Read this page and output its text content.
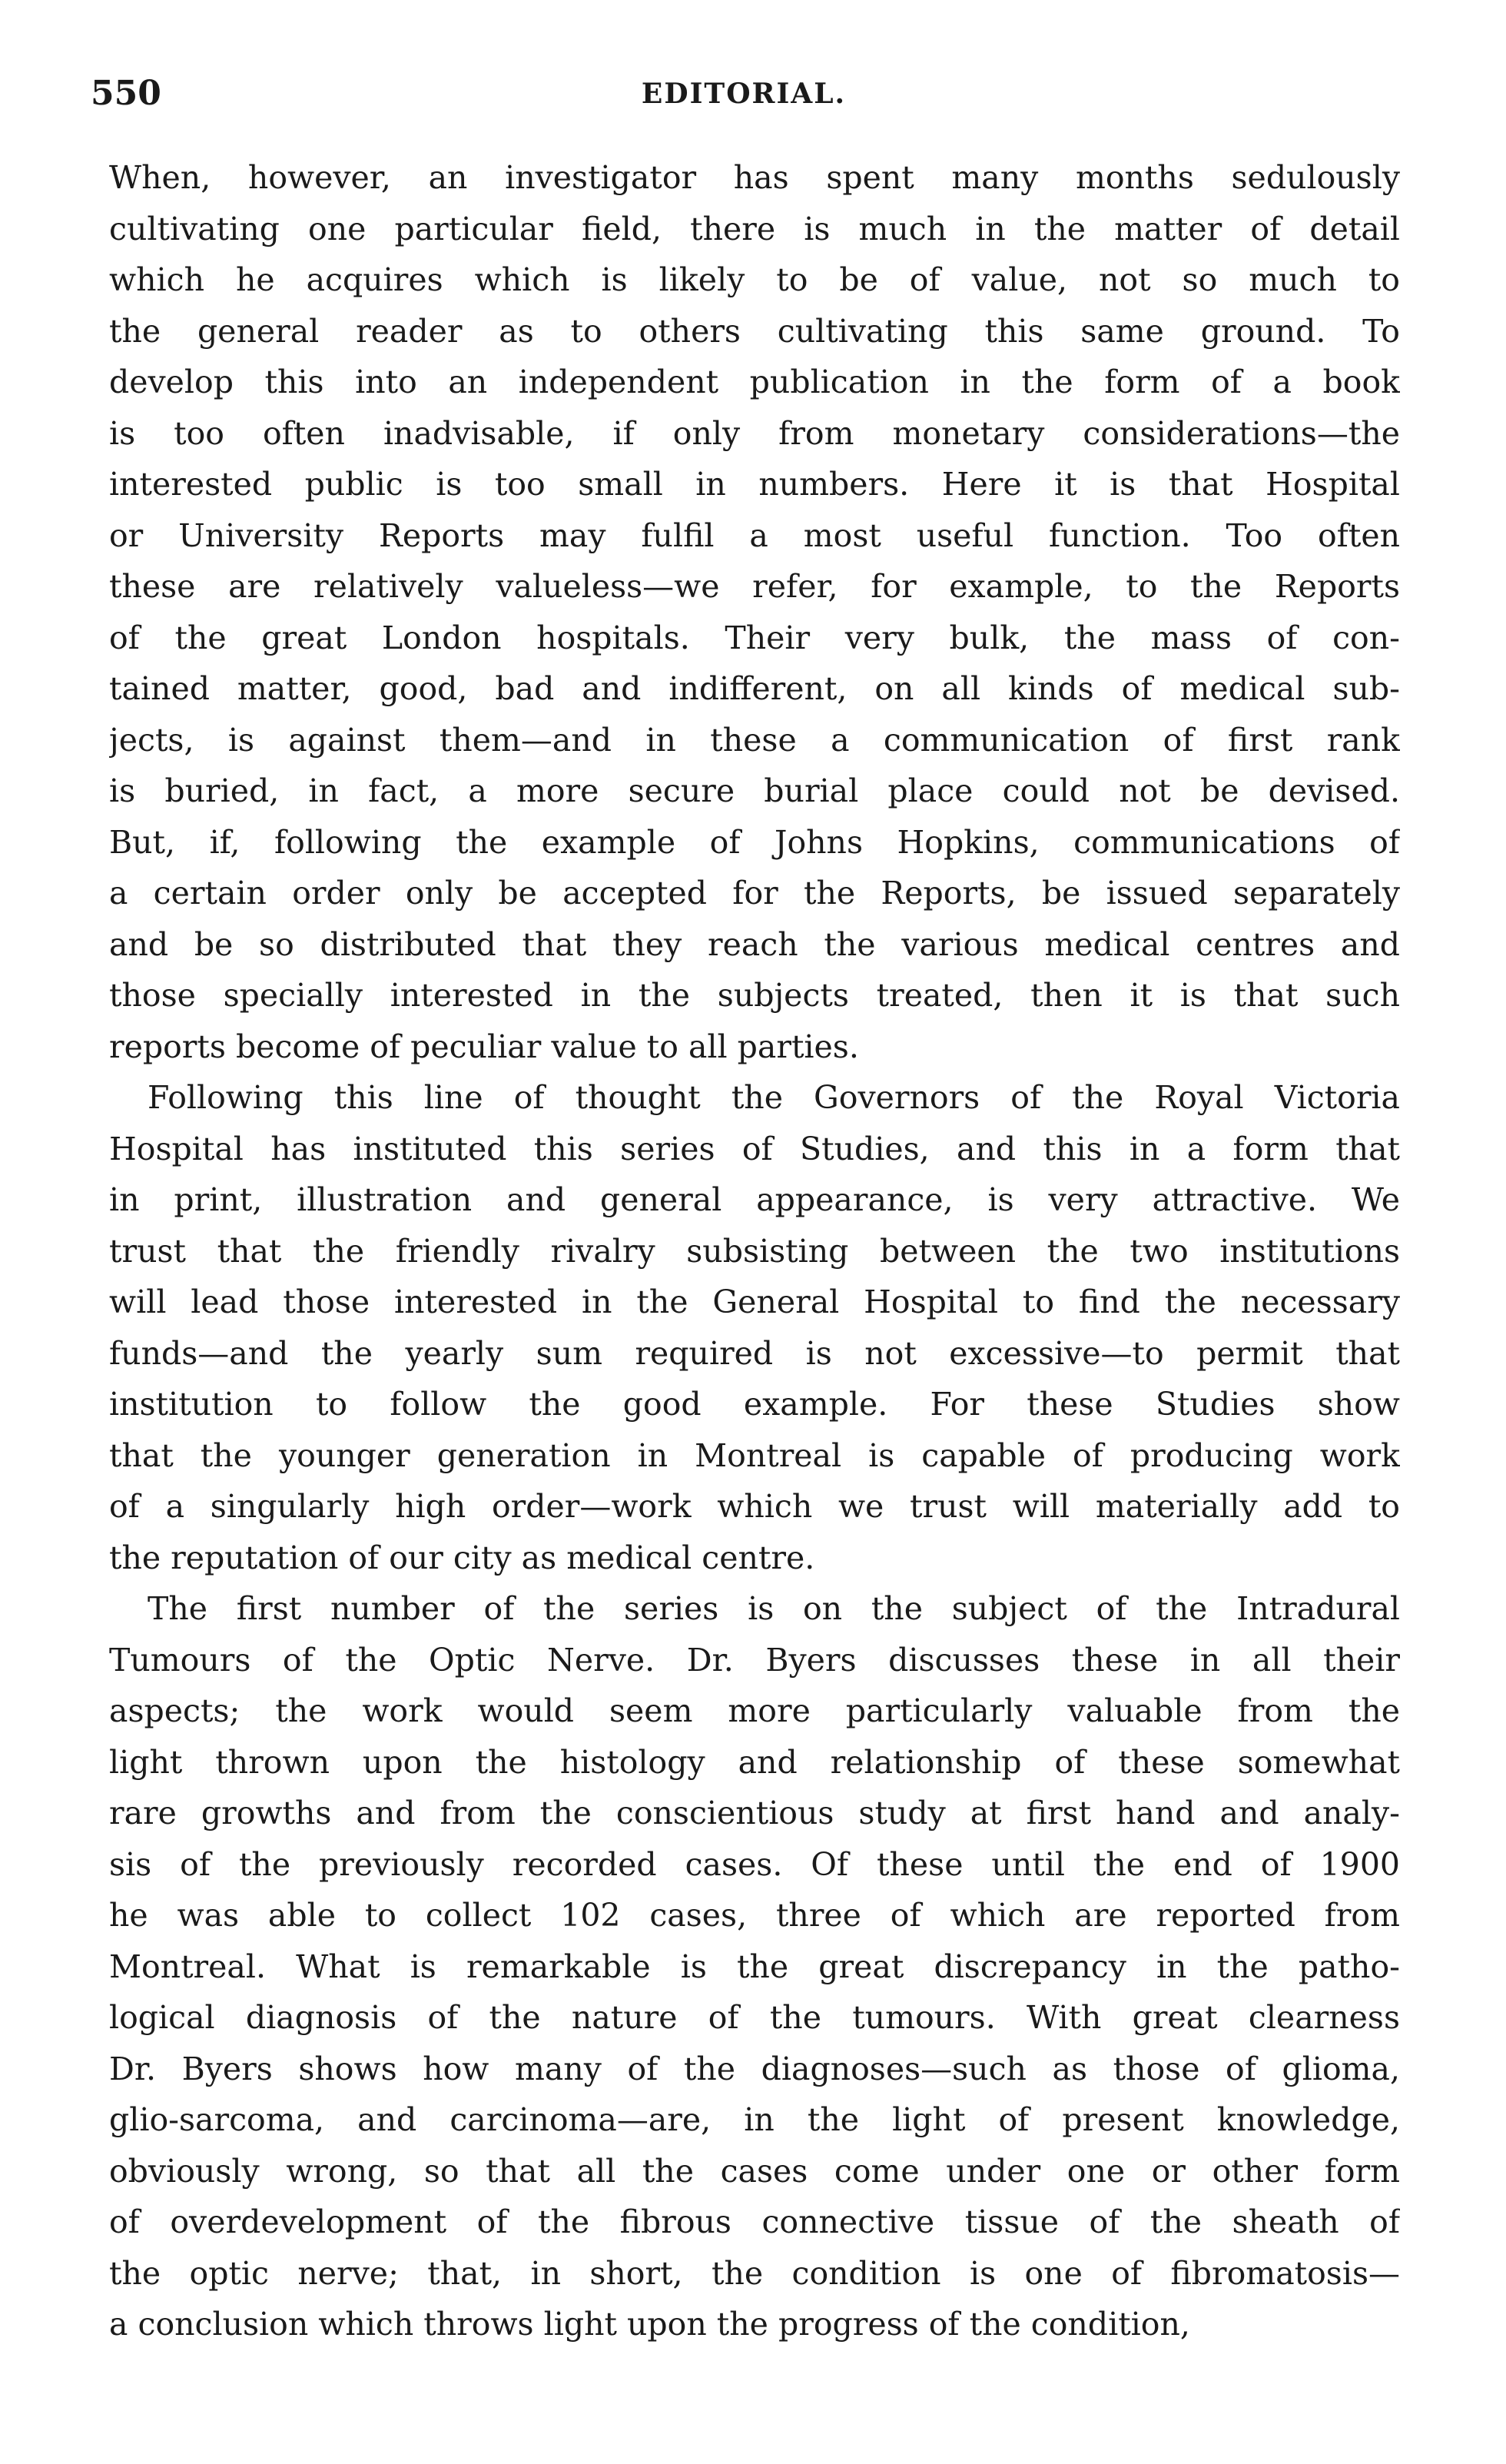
550	EDITORIAL.
When, however, an investigator has spent many months sedulously
cultivating one particular field, there is much in the matter of detail
which he acquires which is likely to be of value, not so much to
the general reader as to others cultivating this same ground. To
develop this into an independent publication in the form of a book
is too often inadvisable, if only from monetary considerations—the
interested public is too small in numbers. Here it is that Hospital
or University Reports may fulfil a most useful function. Too often
these are relatively valueless—we refer, for example, to the Reports
of the great London hospitals. Their very bulk, the mass of con-
tained matter, good, bad and indifferent, on all kinds of medical sub-
jects, is against them—and in these a communication of first rank
is buried, in fact, a more secure burial place could not be devised.
But, if, following the example of Johns Hopkins, communications of
a certain order only be accepted for the Reports, be issued separately
and be so distributed that they reach the various medical centres and
those specially interested in the subjects treated, then it is that such
reports become of peculiar value to all parties.
Following this line of thought the Governors of the Royal Victoria
Hospital has instituted this series of Studies, and this in a form that
in print, illustration and general appearance, is very attractive. We
trust that the friendly rivalry subsisting between the two institutions
will lead those interested in the General Hospital to find the necessary
funds—and the yearly sum required is not excessive—to permit that
institution to follow the good example. For these Studies show
that the younger generation in Montreal is capable of producing work
of a singularly high order—work which we trust will materially add to
the reputation of our city as medical centre.
The first number of the series is on the subject of the Intradural
Tumours of the Optic Nerve. Dr. Byers discusses these in all their
aspects; the work would seem more particularly valuable from the
light thrown upon the histology and relationship of these somewhat
rare growths and from the conscientious study at first hand and analy-
sis of the previously recorded cases. Of these until the end of 1900
he was able to collect 102 cases, three of which are reported from
Montreal. What is remarkable is the great discrepancy in the patho-
logical diagnosis of the nature of the tumours. With great clearness
Dr. Byers shows how many of the diagnoses—such as those of glioma,
glio-sarcoma, and carcinoma—are, in the light of present knowledge,
obviously wrong, so that all the cases come under one or other form
of overdevelopment of the fibrous connective tissue of the sheath of
the optic nerve; that, in short, the condition is one of fibromatosis—
a conclusion which throws light upon the progress of the condition,
